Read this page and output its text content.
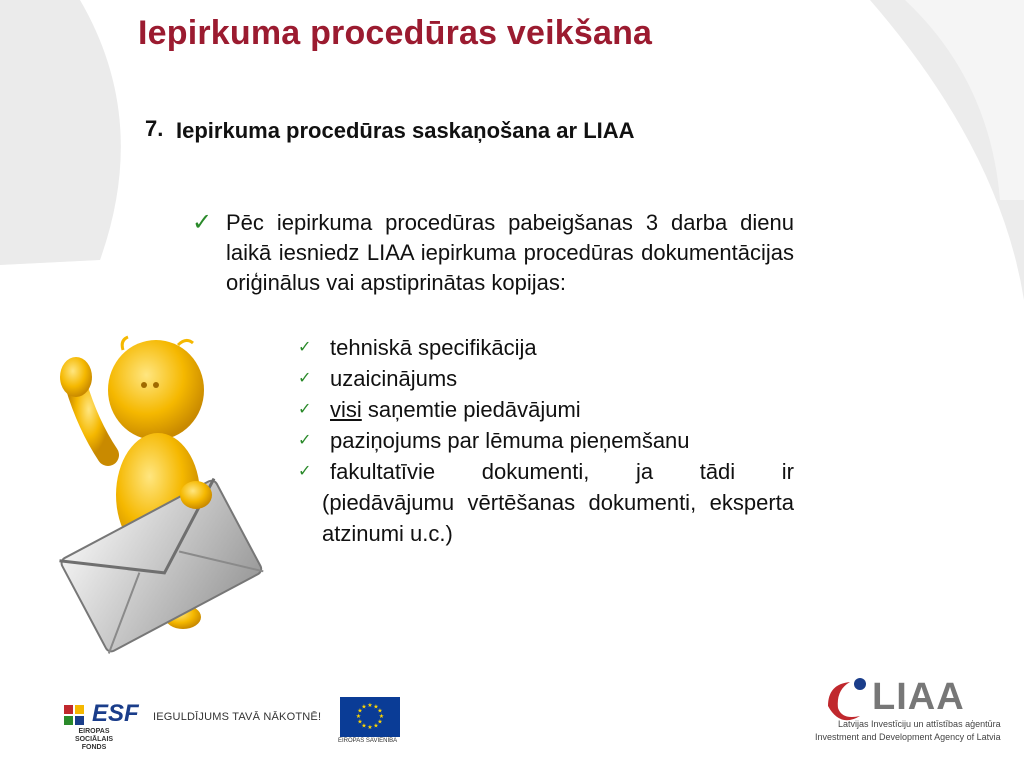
Iepirkuma procedūras veikšana
7. Iepirkuma procedūras saskaņošana ar LIAA
✓ Pēc iepirkuma procedūras pabeigšanas 3 darba dienu laikā iesniedz LIAA iepirkuma procedūras dokumentācijas oriģinālus vai apstiprinātas kopijas:
✓ tehniskā specifikācija
✓ uzaicinājums
✓ visi saņemtie piedāvājumi
✓ paziņojums par lēmuma pieņemšanu
✓ fakultatīvie dokumenti, ja tādi ir
(piedāvājumu vērtēšanas dokumenti, eksperta atzinumi u.c.)
ESF
EIROPAS SOCIĀLAIS FONDS
IEGULDĪJUMS TAVĀ NĀKOTNĒ!
★ ★
★
★
★
★
★
★
★
★
★
★
EIROPAS SAVIENĪBA
LIAA
Latvijas Investīciju un attīstības aģentūra
Investment and Development Agency of Latvia
